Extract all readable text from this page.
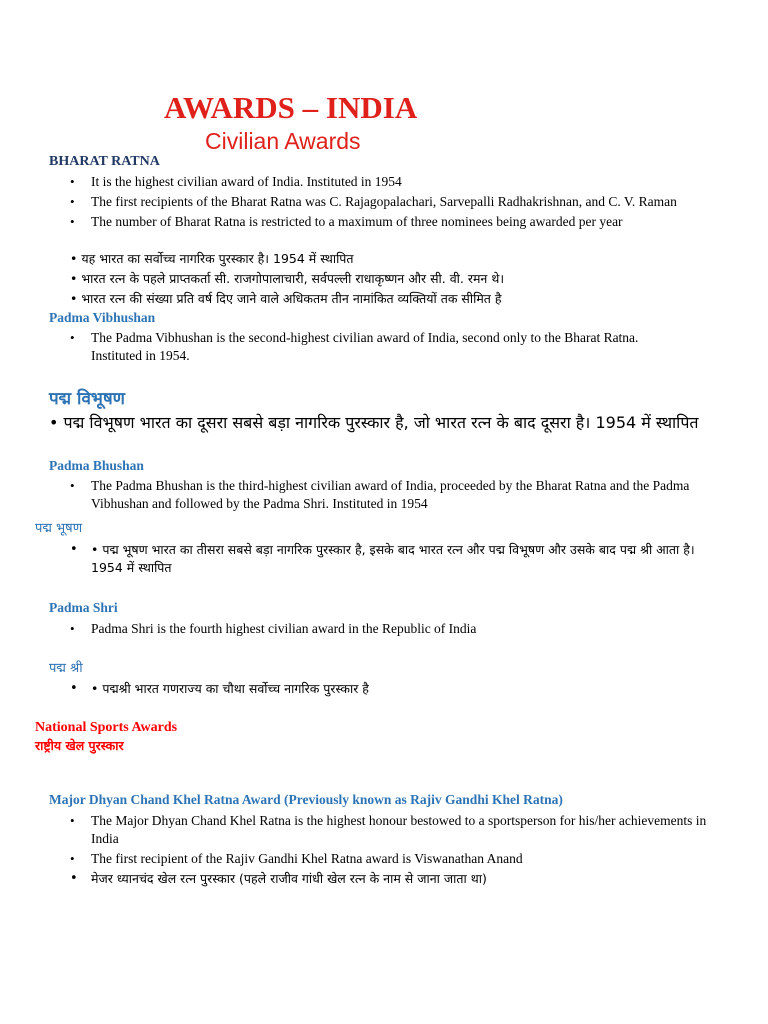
AWARDS – INDIA
Civilian Awards
BHARAT RATNA
• It is the highest civilian award of India. Instituted in 1954
• The first recipients of the Bharat Ratna was C. Rajagopalachari, Sarvepalli Radhakrishnan, and C. V. Raman
• The number of Bharat Ratna is restricted to a maximum of three nominees being awarded per year
• यह भारत का सर्वोच्च नागरिक पुरस्कार है। 1954 में स्थापित
• भारत रत्न के पहले प्राप्तकर्ता सी. राजगोपालाचारी, सर्वपल्ली राधाकृष्णन और सी. वी. रमन थे।
• भारत रत्न की संख्या प्रति वर्ष दिए जाने वाले अधिकतम तीन नामांकित व्यक्तियों तक सीमित है
Padma Vibhushan
• The Padma Vibhushan is the second-highest civilian award of India, second only to the Bharat Ratna. Instituted in 1954.
पद्म विभूषण
• पद्म विभूषण भारत का दूसरा सबसे बड़ा नागरिक पुरस्कार है, जो भारत रत्न के बाद दूसरा है। 1954 में स्थापित
Padma Bhushan
• The Padma Bhushan is the third-highest civilian award of India, proceeded by the Bharat Ratna and the Padma Vibhushan and followed by the Padma Shri. Instituted in 1954
पद्म भूषण
• • पद्म भूषण भारत का तीसरा सबसे बड़ा नागरिक पुरस्कार है, इसके बाद भारत रत्न और पद्म विभूषण और उसके बाद पद्म श्री आता है। 1954 में स्थापित
Padma Shri
• Padma Shri is the fourth highest civilian award in the Republic of India
पद्म श्री
• • पद्मश्री भारत गणराज्य का चौथा सर्वोच्च नागरिक पुरस्कार है
National Sports Awards
राष्ट्रीय खेल पुरस्कार
Major Dhyan Chand Khel Ratna Award (Previously known as Rajiv Gandhi Khel Ratna)
• The Major Dhyan Chand Khel Ratna is the highest honour bestowed to a sportsperson for his/her achievements in India
• The first recipient of the Rajiv Gandhi Khel Ratna award is Viswanathan Anand
• मेजर ध्यानचंद खेल रत्न पुरस्कार (पहले राजीव गांधी खेल रत्न के नाम से जाना जाता था)
